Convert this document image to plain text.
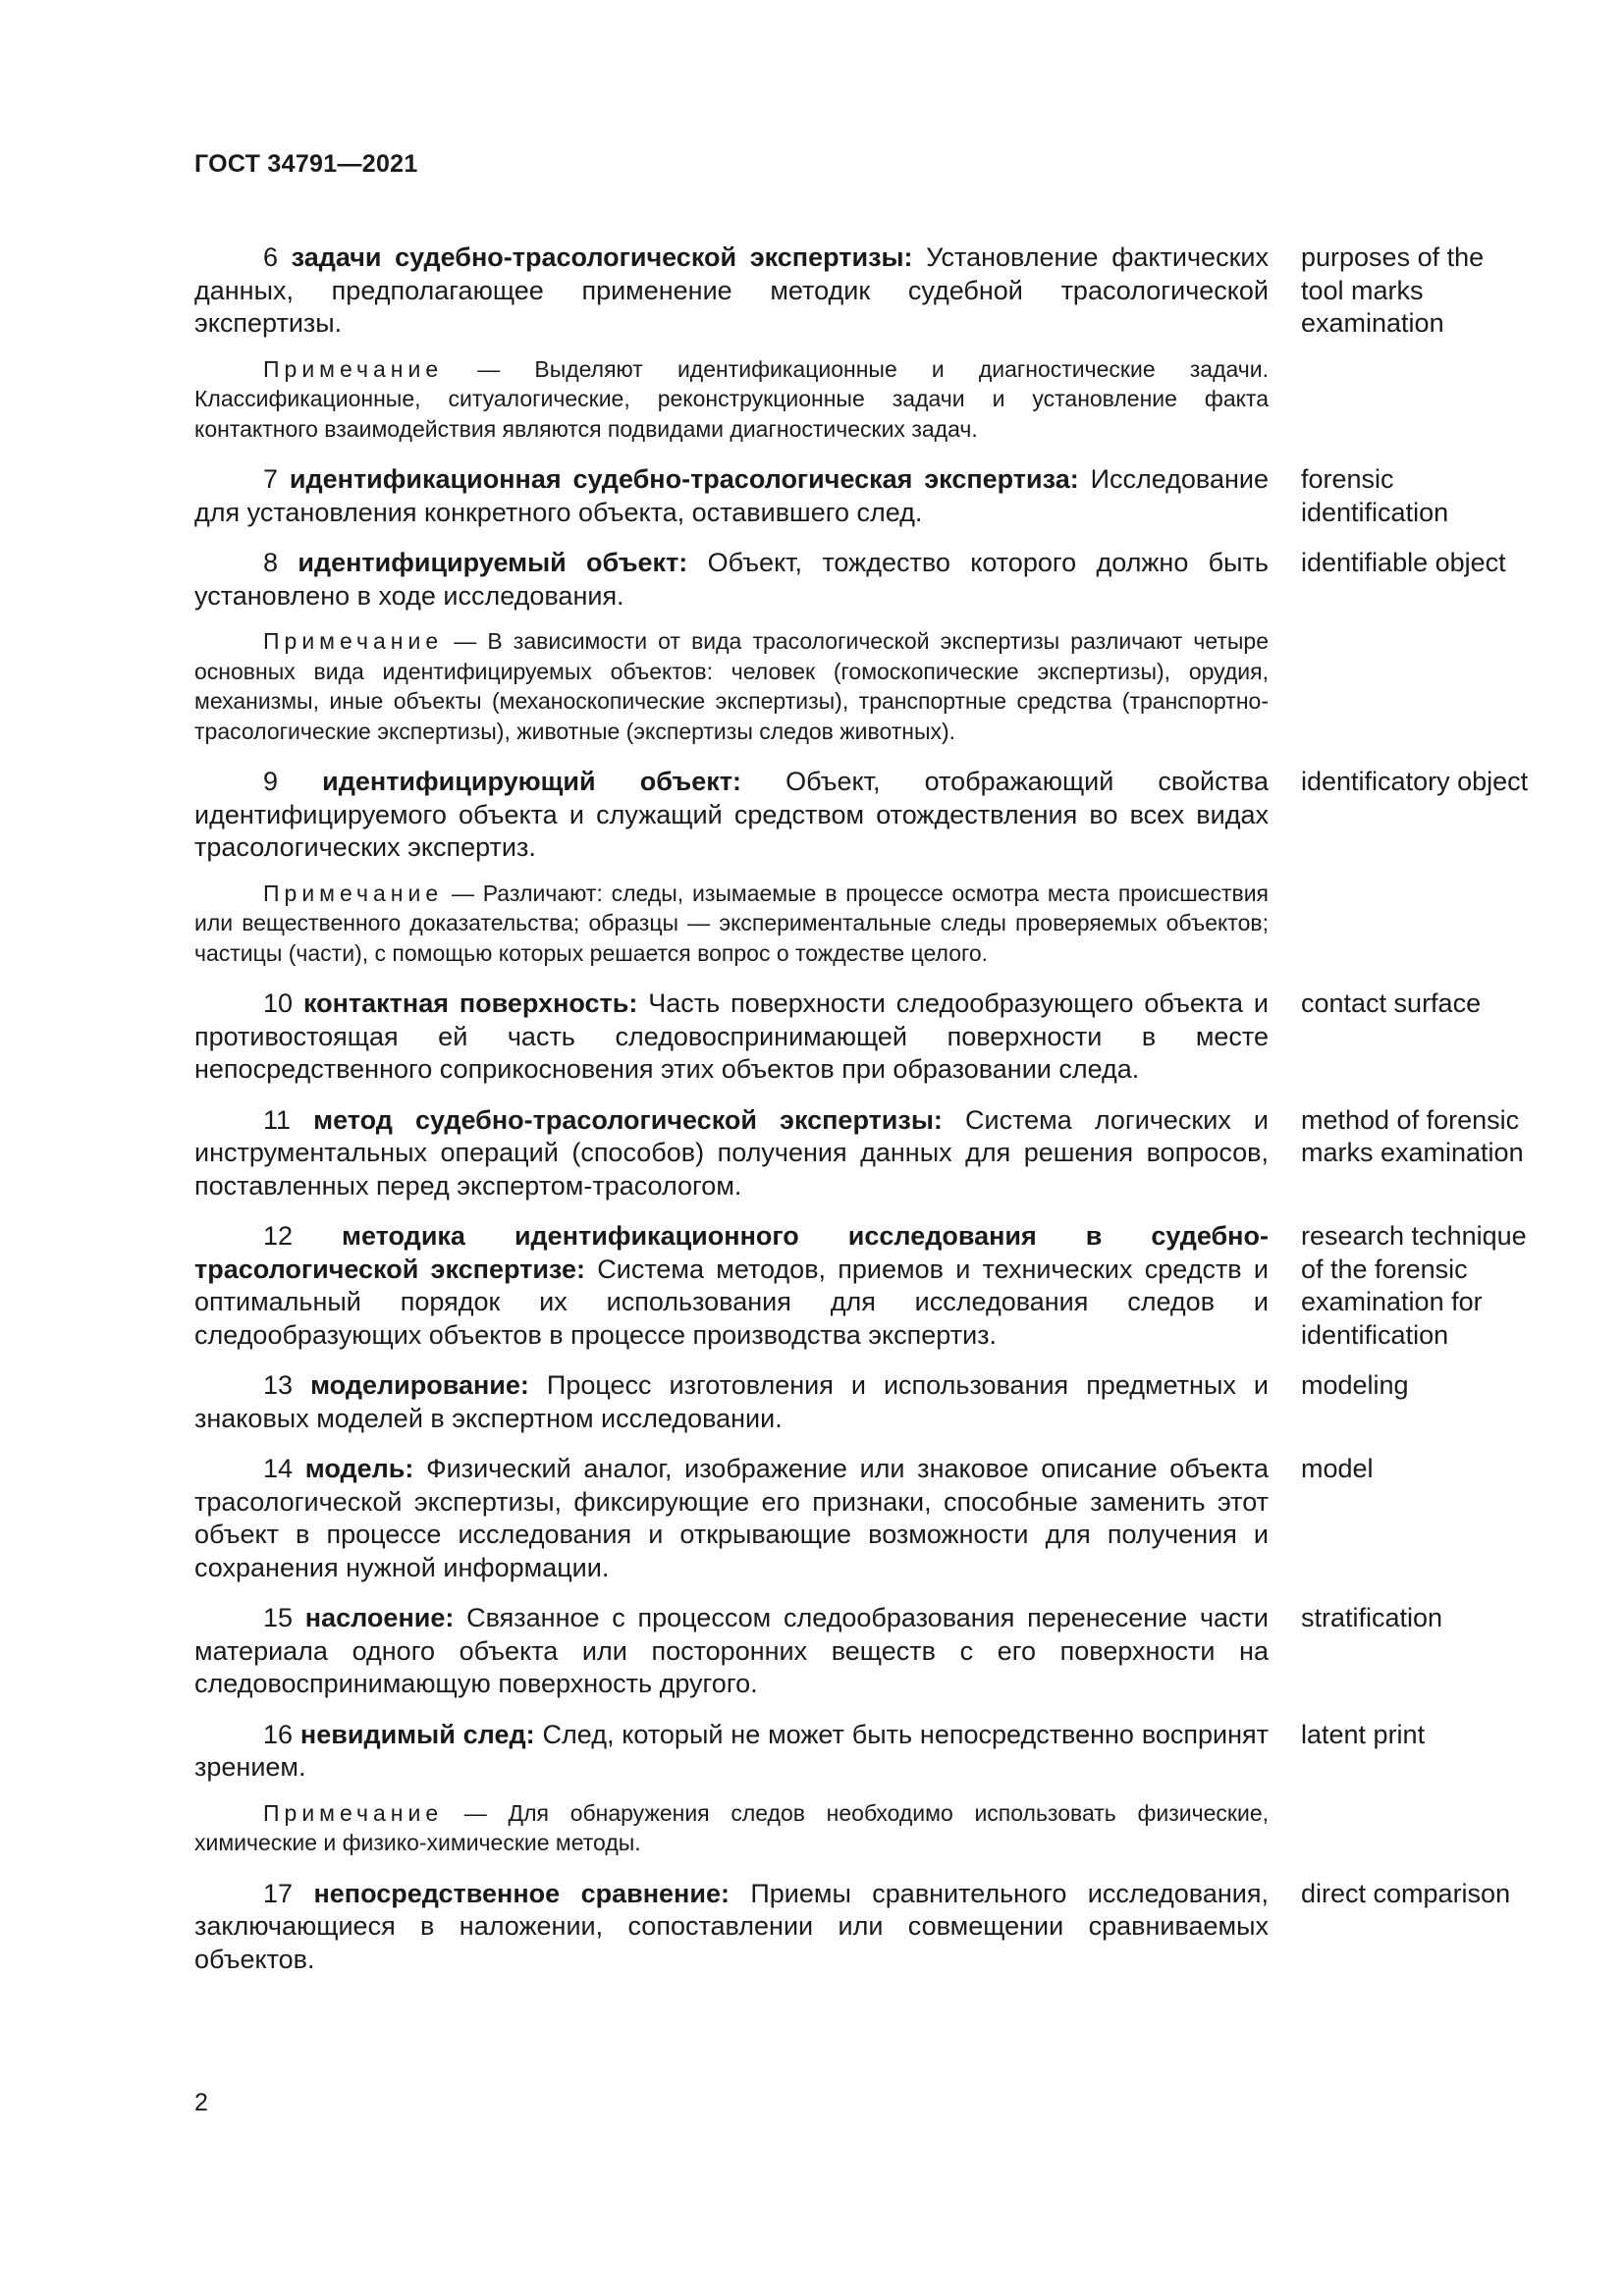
ГОСТ 34791—2021
6 задачи судебно-трасологической экспертизы: Установление фактических данных, предполагающее применение методик судебной трасологической экспертизы.
purposes of the tool marks examination
Примечание — Выделяют идентификационные и диагностические задачи. Классификационные, ситуалогические, реконструкционные задачи и установление факта контактного взаимодействия являются подвидами диагностических задач.
7 идентификационная судебно-трасологическая экспертиза: Исследование для установления конкретного объекта, оставившего след.
forensic identification
8 идентифицируемый объект: Объект, тождество которого должно быть установлено в ходе исследования.
identifiable object
Примечание — В зависимости от вида трасологической экспертизы различают четыре основных вида идентифицируемых объектов: человек (гомоскопические экспертизы), орудия, механизмы, иные объекты (механоскопические экспертизы), транспортные средства (транспортно-трасологические экспертизы), животные (экспертизы следов животных).
9 идентифицирующий объект: Объект, отображающий свойства идентифицируемого объекта и служащий средством отождествления во всех видах трасологических экспертиз.
identificatory object
Примечание — Различают: следы, изымаемые в процессе осмотра места происшествия или вещественного доказательства; образцы — экспериментальные следы проверяемых объектов; частицы (части), с помощью которых решается вопрос о тождестве целого.
10 контактная поверхность: Часть поверхности следообразующего объекта и противостоящая ей часть следовоспринимающей поверхности в месте непосредственного соприкосновения этих объектов при образовании следа.
contact surface
11 метод судебно-трасологической экспертизы: Система логических и инструментальных операций (способов) получения данных для решения вопросов, поставленных перед экспертом-трасологом.
method of forensic marks examination
12 методика идентификационного исследования в судебно-трасологической экспертизе: Система методов, приемов и технических средств и оптимальный порядок их использования для исследования следов и следообразующих объектов в процессе производства экспертиз.
research technique of the forensic examination for identification
13 моделирование: Процесс изготовления и использования предметных и знаковых моделей в экспертном исследовании.
modeling
14 модель: Физический аналог, изображение или знаковое описание объекта трасологической экспертизы, фиксирующие его признаки, способные заменить этот объект в процессе исследования и открывающие возможности для получения и сохранения нужной информации.
model
15 наслоение: Связанное с процессом следообразования перенесение части материала одного объекта или посторонних веществ с его поверхности на следовоспринимающую поверхность другого.
stratification
16 невидимый след: След, который не может быть непосредственно воспринят зрением.
latent print
Примечание — Для обнаружения следов необходимо использовать физические, химические и физико-химические методы.
17 непосредственное сравнение: Приемы сравнительного исследования, заключающиеся в наложении, сопоставлении или совмещении сравниваемых объектов.
direct comparison
2
